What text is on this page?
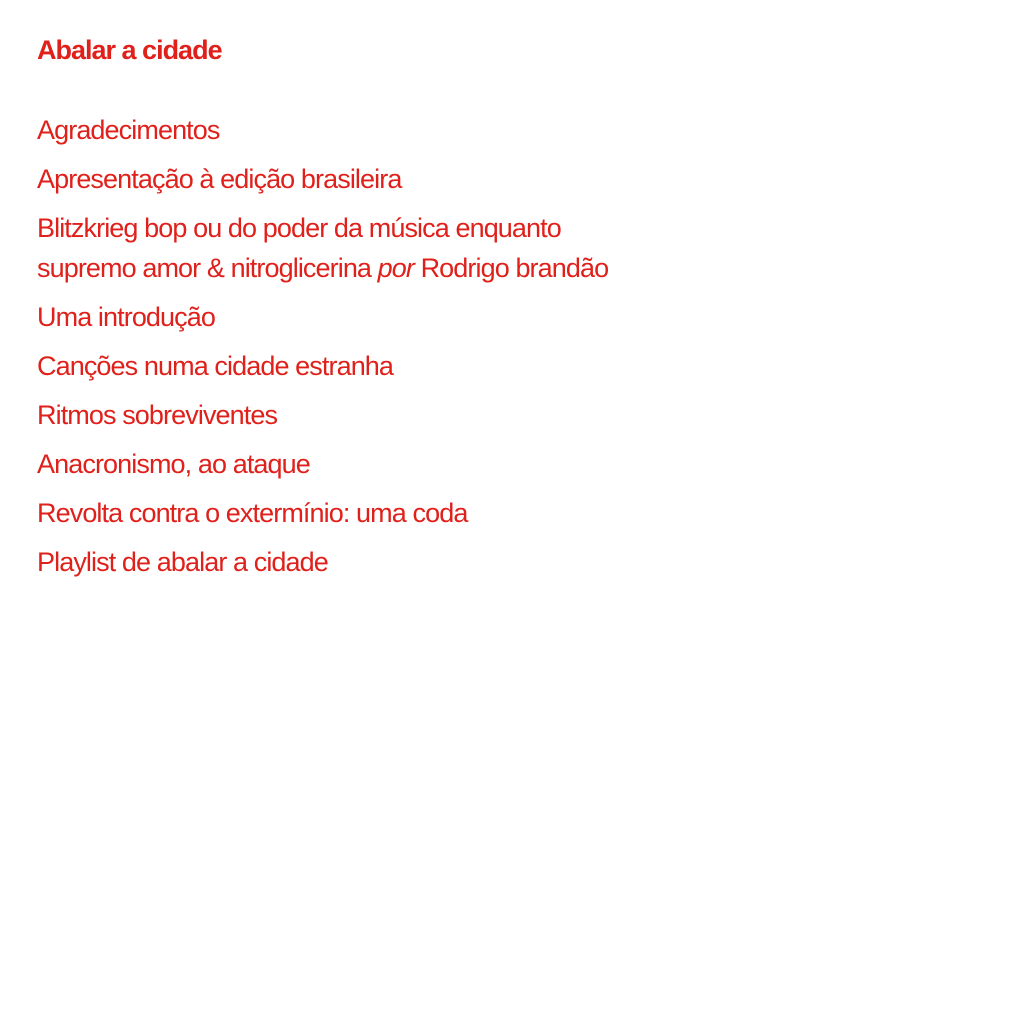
Abalar a cidade
Agradecimentos
Apresentação à edição brasileira
Blitzkrieg bop ou do poder da música enquanto
supremo amor & nitroglicerina por Rodrigo brandão
Uma introdução
Canções numa cidade estranha
Ritmos sobreviventes
Anacronismo, ao ataque
Revolta contra o extermínio: uma coda
Playlist de abalar a cidade
